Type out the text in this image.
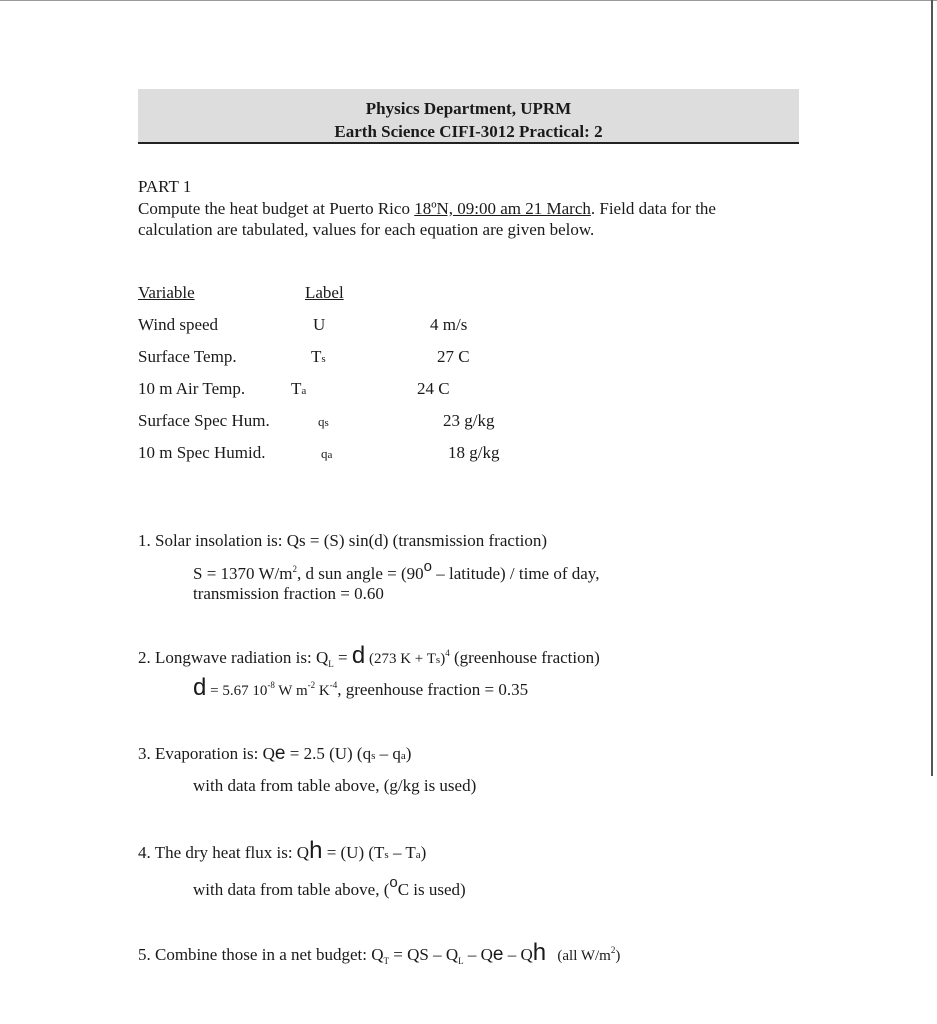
Physics Department, UPRM
Earth Science CIFI-3012 Practical: 2
PART 1
Compute the heat budget at Puerto Rico 18ºN, 09:00 am 21 March. Field data for the
calculation are tabulated, values for each equation are given below.
Variable	Label
Wind speed	U	4 m/s
Surface Temp.	Ts	27 C
10 m Air Temp.	Ta	24 C
Surface Spec Hum.	qs	23 g/kg
10 m Spec Humid.	qa	18 g/kg
1. Solar insolation is: Qs = (S) sin(d) (transmission fraction)
S = 1370 $W/m^2$, d sun angle = (90o – latitude) / time of day,
transmission fraction = 0.60
2. Longwave radiation is: $Q_L = d$ (273 K + Ts)$^4$ (greenhouse fraction)
d = 5.67 $10^{-8}$ W $m^{-2}$ $K^{-4}$, greenhouse fraction = 0.35
3. Evaporation is: Qe = 2.5 (U) (qs – qa)
with data from table above, (g/kg is used)
4. The dry heat flux is: Qh = (U) (Ts – Ta)
with data from table above, (oC is used)
5. Combine those in a net budget: $Q_T$ = QS – $Q_L$ – Qe – Qh   (all $W/m^2$)
